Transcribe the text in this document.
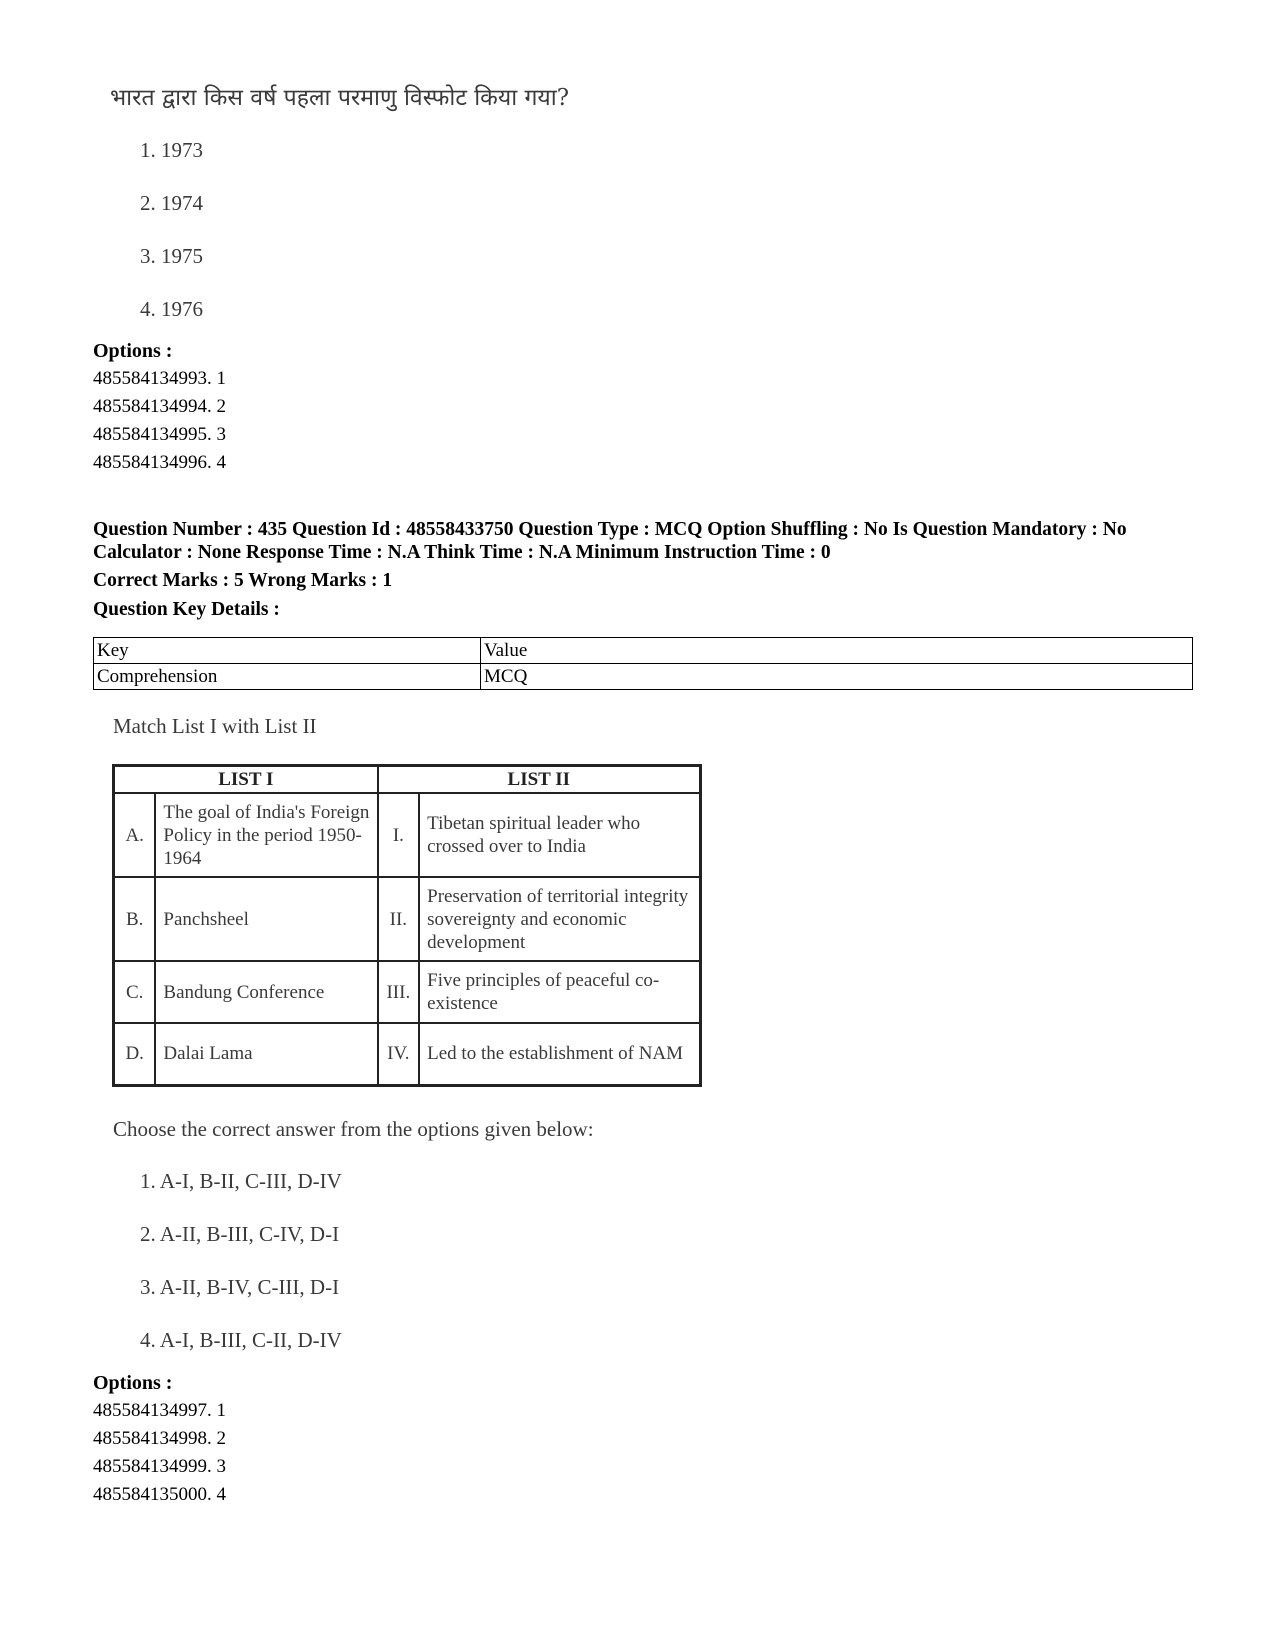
भारत द्वारा किस वर्ष पहला परमाणु विस्फोट किया गया?
1. 1973
2. 1974
3. 1975
4. 1976
Options :
485584134993. 1
485584134994. 2
485584134995. 3
485584134996. 4
Question Number : 435 Question Id : 48558433750 Question Type : MCQ Option Shuffling : No Is Question Mandatory : No Calculator : None Response Time : N.A Think Time : N.A Minimum Instruction Time : 0
Correct Marks : 5 Wrong Marks : 1
Question Key Details :
Key	Value
Comprehension	MCQ
Match List I with List II
LIST I		LIST II	
A.	The goal of India's Foreign Policy in the period 1950-1964	I.	Tibetan spiritual leader who crossed over to India
B.	Panchsheel	II.	Preservation of territorial integrity sovereignty and economic development
C.	Bandung Conference	III.	Five principles of peaceful co-existence
D.	Dalai Lama	IV.	Led to the establishment of NAM
Choose the correct answer from the options given below:
1. A-I, B-II, C-III, D-IV
2. A-II, B-III, C-IV, D-I
3. A-II, B-IV, C-III, D-I
4. A-I, B-III, C-II, D-IV
Options :
485584134997. 1
485584134998. 2
485584134999. 3
485584135000. 4
